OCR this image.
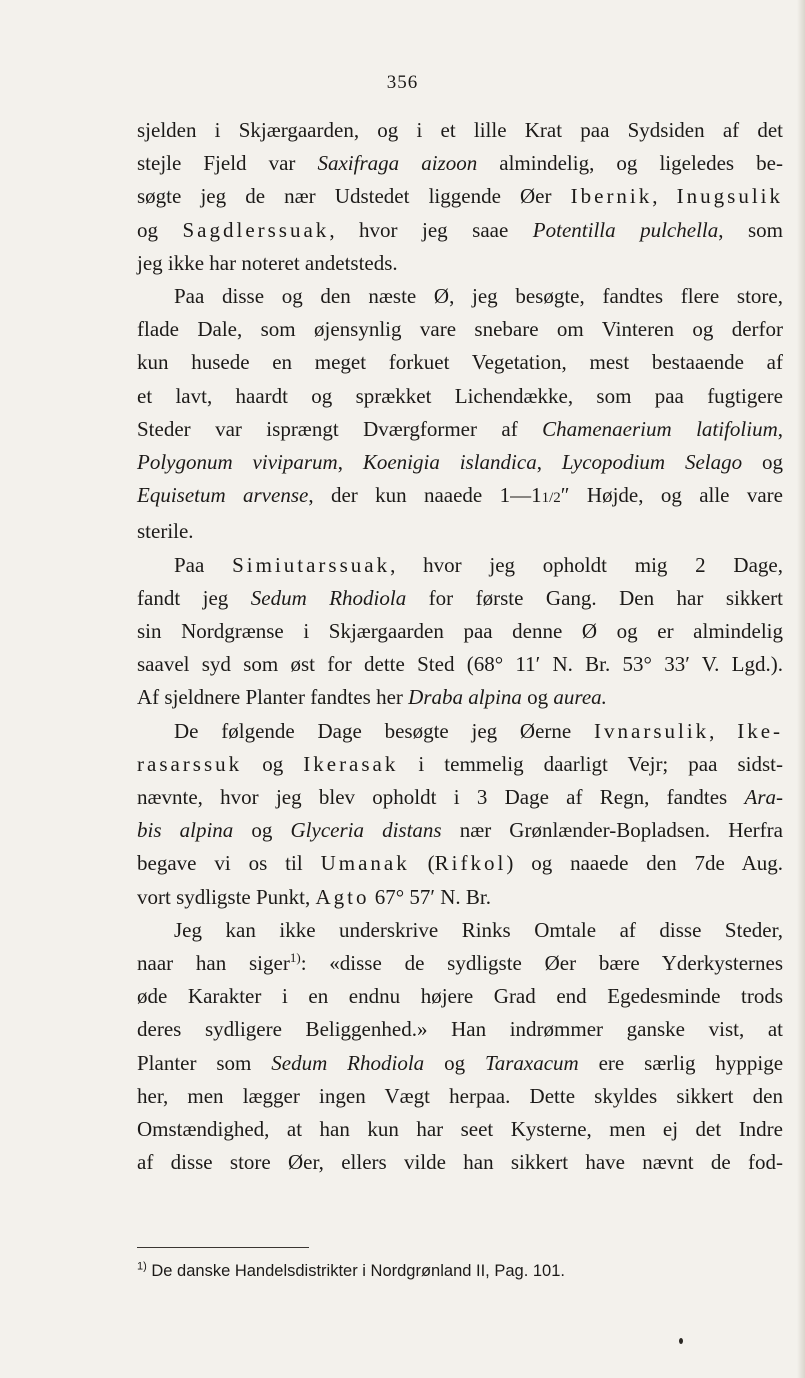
356
sjelden i Skjærgaarden, og i et lille Krat paa Sydsiden af det
stejle Fjeld var Saxifraga aizoon almindelig, og ligeledes be-
søgte jeg de nær Udstedet liggende Øer Ibernik, Inugsulik
og Sagdlerssuak, hvor jeg saae Potentilla pulchella, som
jeg ikke har noteret andetsteds.
Paa disse og den næste Ø, jeg besøgte, fandtes flere store,
flade Dale, som øjensynlig vare snebare om Vinteren og derfor
kun husede en meget forkuet Vegetation, mest bestaaende af
et lavt, haardt og sprækket Lichendække, som paa fugtigere
Steder var isprængt Dværgformer af Chamenaerium latifolium,
Polygonum viviparum, Koenigia islandica, Lycopodium Selago og
Equisetum arvense, der kun naaede 1—11/2″ Højde, og alle vare
sterile.
Paa Simiutarssuak, hvor jeg opholdt mig 2 Dage,
fandt jeg Sedum Rhodiola for første Gang. Den har sikkert
sin Nordgrænse i Skjærgaarden paa denne Ø og er almindelig
saavel syd som øst for dette Sted (68° 11′ N. Br. 53° 33′ V. Lgd.).
Af sjeldnere Planter fandtes her Draba alpina og aurea.
De følgende Dage besøgte jeg Øerne Ivnarsulik, Ike-
rasarssuk og Ikerasak i temmelig daarligt Vejr; paa sidst-
nævnte, hvor jeg blev opholdt i 3 Dage af Regn, fandtes Ara-
bis alpina og Glyceria distans nær Grønlænder-Bopladsen. Herfra
begave vi os til Umanak (Rifkol) og naaede den 7de Aug.
vort sydligste Punkt, Agto 67° 57′ N. Br.
Jeg kan ikke underskrive Rinks Omtale af disse Steder,
naar han siger$^{1)}$: «disse de sydligste Øer bære Yderkysternes
øde Karakter i en endnu højere Grad end Egedesminde trods
deres sydligere Beliggenhed.» Han indrømmer ganske vist, at
Planter som Sedum Rhodiola og Taraxacum ere særlig hyppige
her, men lægger ingen Vægt herpaa. Dette skyldes sikkert den
Omstændighed, at han kun har seet Kysterne, men ej det Indre
af disse store Øer, ellers vilde han sikkert have nævnt de fod-
$^{1)}$ De danske Handelsdistrikter i Nordgrønland II, Pag. 101.
